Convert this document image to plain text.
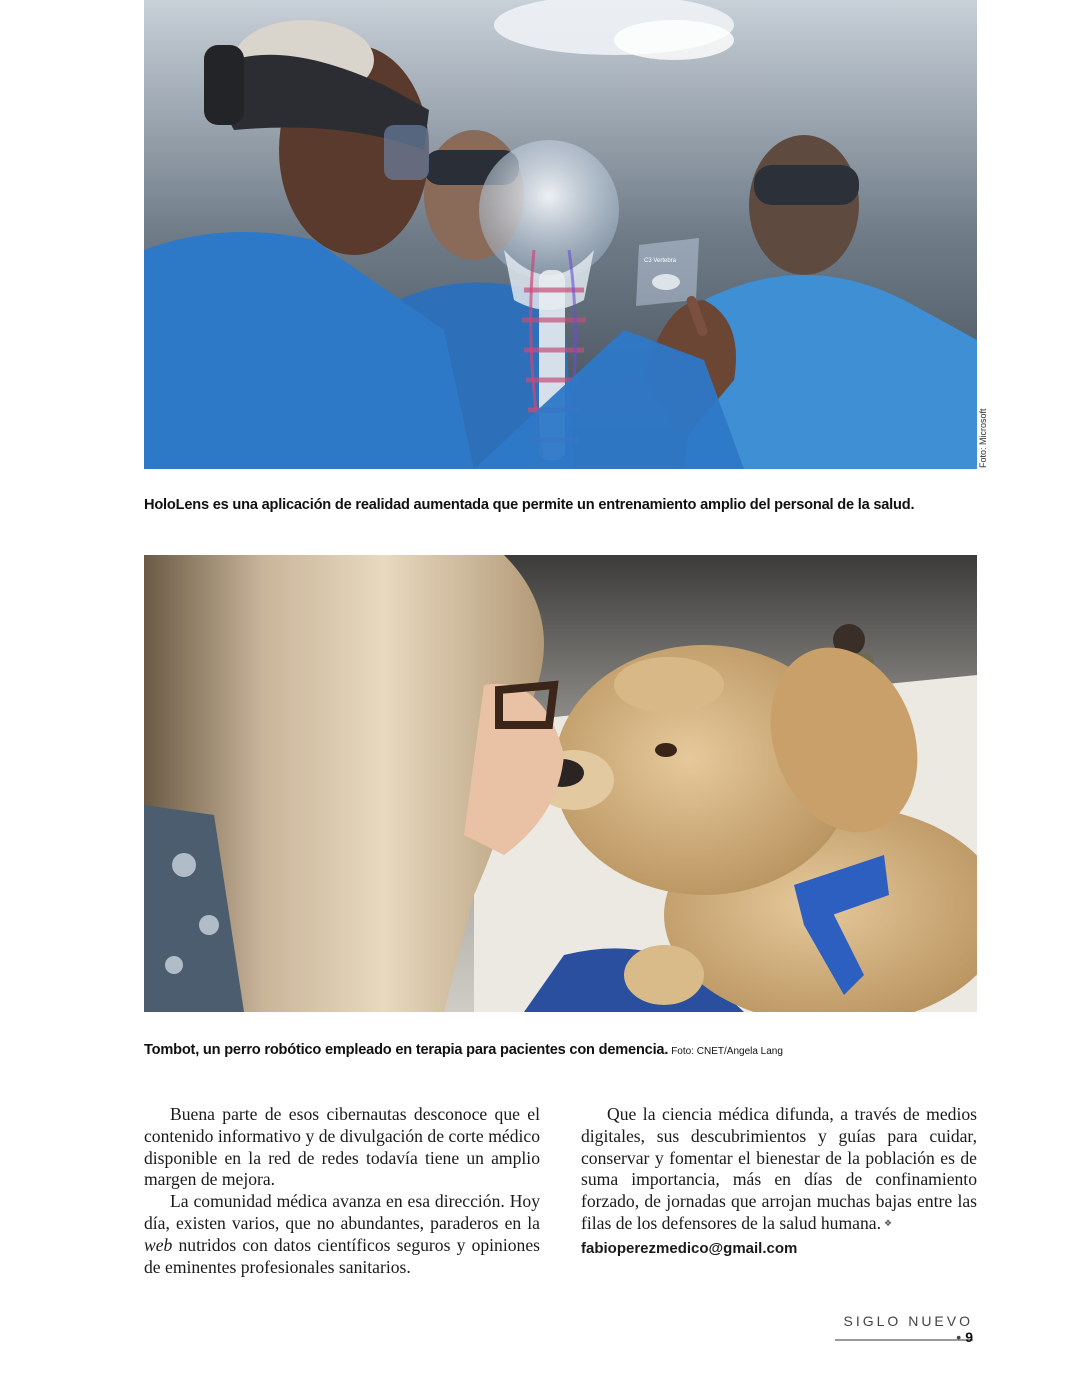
C3 Vertebra
Foto: Microsoft
HoloLens es una aplicación de realidad aumentada que permite un entrenamiento amplio del personal de la salud.
Tombot, un perro robótico empleado en terapia para pacientes con demencia. Foto: CNET/Angela Lang

Buena parte de esos cibernautas desconoce que el contenido informativo y de divulgación de corte médico disponible en la red de redes todavía tiene un amplio margen de mejora.

La comunidad médica avanza en esa dirección. Hoy día, existen varios, que no abundantes, paraderos en la web nutridos con datos científicos seguros y opiniones de eminentes profesionales sanitarios.

Que la ciencia médica difunda, a través de medios digitales, sus descubrimientos y guías para cuidar, conservar y fomentar el bienestar de la población es de suma importancia, más en días de confinamiento forzado, de jornadas que arrojan muchas bajas entre las filas de los defensores de la salud humana. ❖

fabioperezmedico@gmail.com
SIGLO NUEVO • 9
